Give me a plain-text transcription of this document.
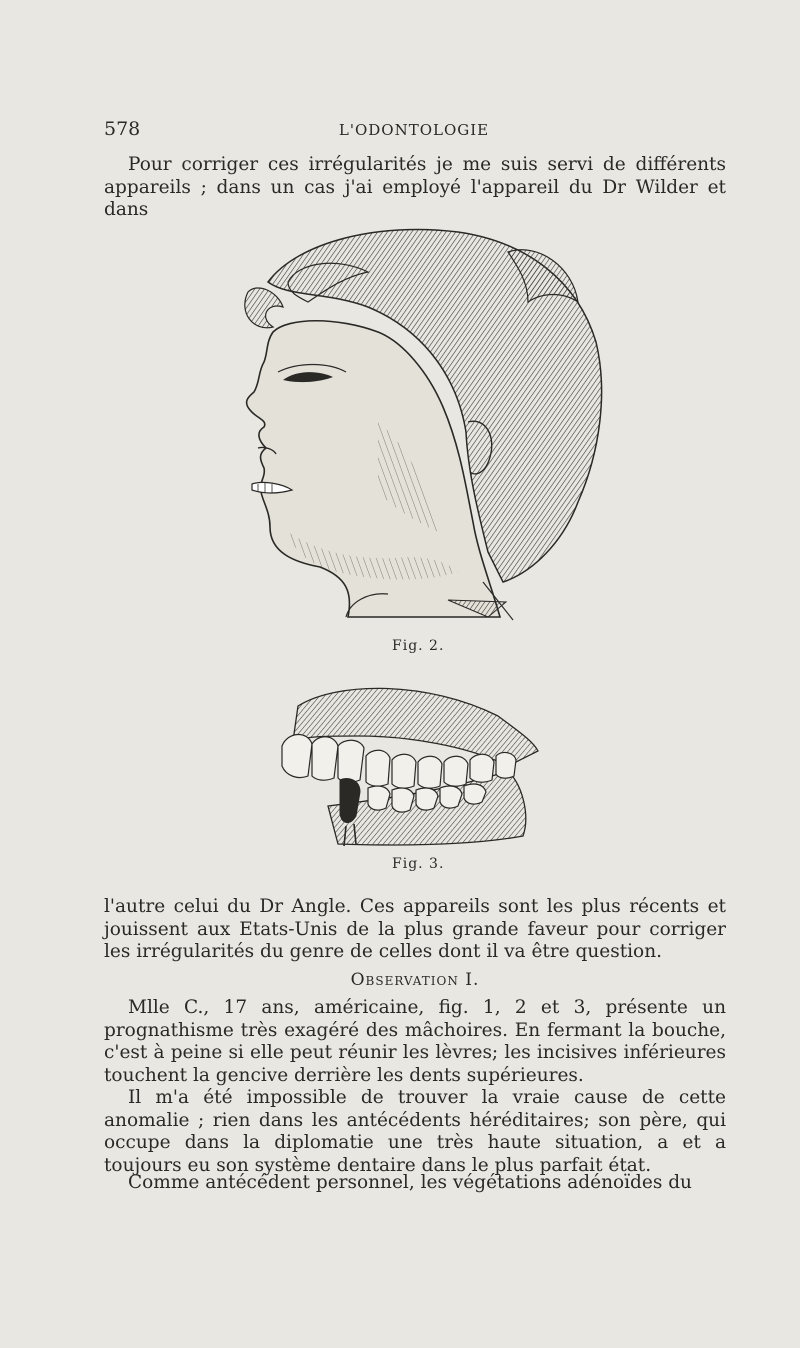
578	L'ODONTOLOGIE

Pour corriger ces irrégularités je me suis servi de différents appareils ; dans un cas j'ai employé l'appareil du Dr Wilder et dans

Fig. 2.
Fig. 3.

l'autre celui du Dr Angle. Ces appareils sont les plus récents et jouissent aux Etats-Unis de la plus grande faveur pour corriger les irrégularités du genre de celles dont il va être question.

Observation I.

Mlle C., 17 ans, américaine, fig. 1, 2 et 3, présente un prognathisme très exagéré des mâchoires. En fermant la bouche, c'est à peine si elle peut réunir les lèvres; les incisives inférieures touchent la gencive derrière les dents supérieures.

Il m'a été impossible de trouver la vraie cause de cette anomalie ; rien dans les antécédents héréditaires; son père, qui occupe dans la diplomatie une très haute situation, a et a toujours eu son système dentaire dans le plus parfait état.

Comme antécédent personnel, les végétations adénoïdes du
